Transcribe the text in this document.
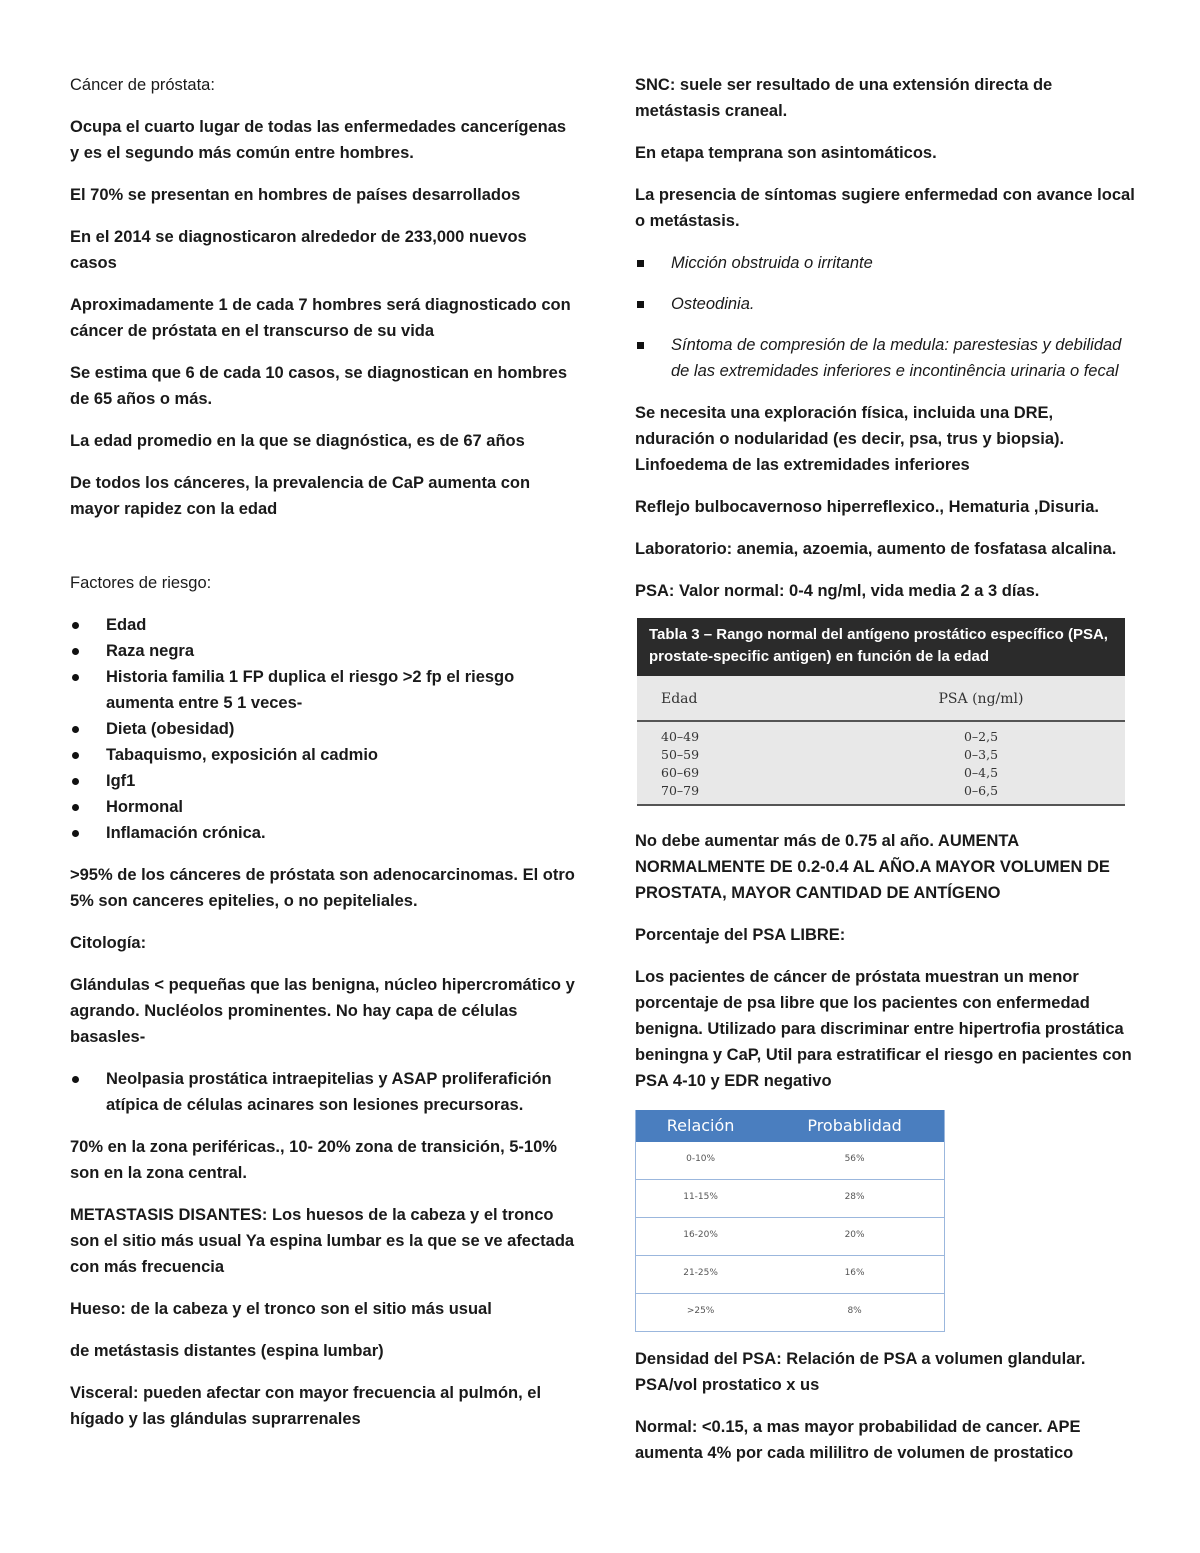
Cáncer de próstata:

Ocupa el cuarto lugar de todas las enfermedades cancerígenas y es el segundo más común entre hombres.

El 70% se presentan en hombres de países desarrollados

En el 2014 se diagnosticaron alrededor de 233,000 nuevos casos

Aproximadamente 1 de cada 7 hombres será diagnosticado con cáncer de próstata en el transcurso de su vida

Se estima que 6 de cada 10 casos, se diagnostican en hombres de 65 años o más.

La edad promedio en la que se diagnóstica, es de 67 años

De todos los cánceres, la prevalencia de CaP aumenta con mayor rapidez con la edad

Factores de riesgo:

Edad
Raza negra
Historia familia 1 FP duplica el riesgo >2 fp el riesgo aumenta entre 5 1 veces-
Dieta (obesidad)
Tabaquismo, exposición al cadmio
Igf1
Hormonal
Inflamación crónica.

>95% de los cánceres de próstata son adenocarcinomas. El otro 5% son canceres epitelies, o no pepiteliales.

Citología:

Glándulas < pequeñas que las benigna, núcleo hipercromático y agrando. Nucléolos prominentes. No hay capa de células basasles-

Neolpasia prostática intraepitelias y ASAP proliferafición atípica de células acinares son lesiones precursoras.

70% en la zona periféricas., 10- 20% zona de transición, 5-10% son en la zona central.

METASTASIS DISANTES: Los huesos de la cabeza y el tronco son el sitio más usual Ya espina lumbar es la que se ve afectada con más frecuencia

Hueso: de la cabeza y el tronco son el sitio más usual

de metástasis distantes (espina lumbar)

Visceral: pueden afectar con mayor frecuencia al pulmón, el hígado y las glándulas suprarrenales

SNC: suele ser resultado de una extensión directa de metástasis craneal.

En etapa temprana son asintomáticos.

La presencia de síntomas sugiere enfermedad con avance local o metástasis.

Micción obstruida o irritante
Osteodinia.
Síntoma de compresión de la medula: parestesias y debilidad de las extremidades inferiores e incontinência urinaria o fecal

Se necesita una exploración física, incluida una DRE, nduración o nodularidad (es decir, psa, trus y biopsia). Linfoedema de las extremidades inferiores

Reflejo bulbocavernoso hiperreflexico., Hematuria ,Disuria.

Laboratorio: anemia, azoemia, aumento de fosfatasa alcalina.

PSA: Valor normal: 0-4 ng/ml, vida media 2 a 3 días.

Tabla 3 – Rango normal del antígeno prostático específico (PSA, prostate-specific antigen) en función de la edad
Edad	PSA (ng/ml)
40–49	0–2,5
50–59	0–3,5
60–69	0–4,5
70–79	0–6,5

No debe aumentar más de 0.75 al año. AUMENTA NORMALMENTE DE 0.2-0.4 AL AÑO.A MAYOR VOLUMEN DE PROSTATA, MAYOR CANTIDAD DE ANTÍGENO

Porcentaje del PSA LIBRE:

Los pacientes de cáncer de próstata muestran un menor porcentaje de psa libre que los pacientes con enfermedad benigna. Utilizado para discriminar entre hipertrofia prostática beningna y CaP, Util para estratificar el riesgo en pacientes con PSA 4-10 y EDR negativo

Relación	Probablidad
0-10%	56%
11-15%	28%
16-20%	20%
21-25%	16%
>25%	8%

Densidad del PSA: Relación de PSA a volumen glandular. PSA/vol prostatico x us

Normal: <0.15, a mas mayor probabilidad de cancer. APE aumenta 4% por cada mililitro de volumen de prostatico
